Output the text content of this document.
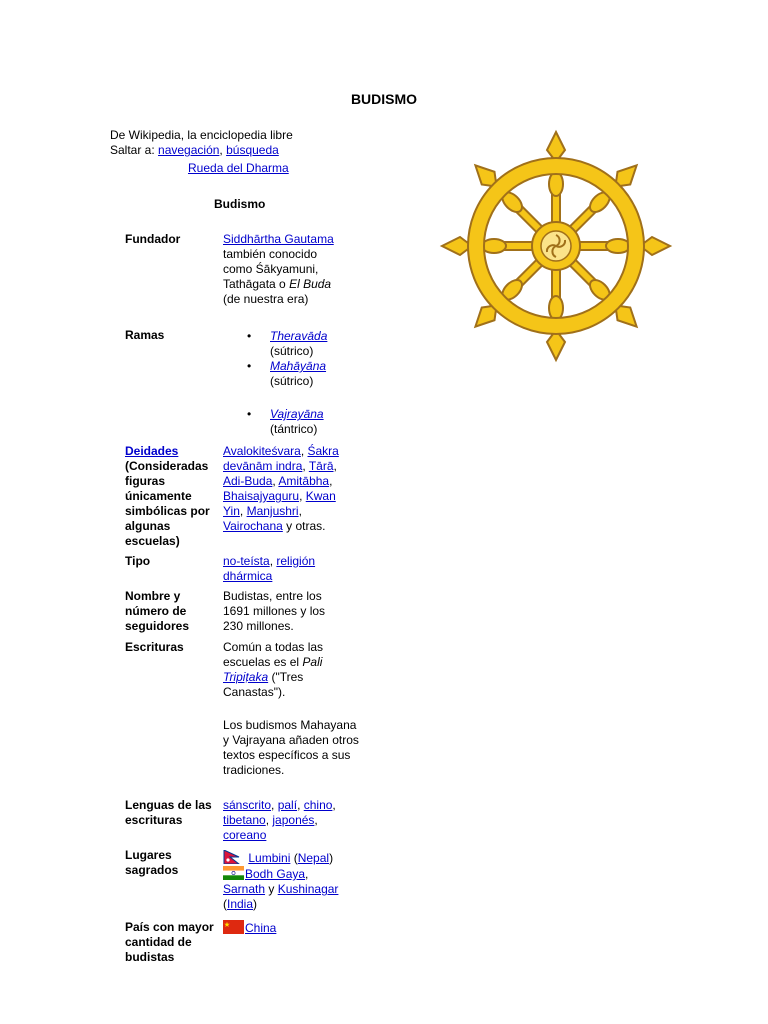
BUDISMO
De Wikipedia, la enciclopedia libre
Saltar a: navegación, búsqueda
Rueda del Dharma
Budismo
Fundador	Siddhārtha Gautama
también conocido
como Śākyamuni,
Tathāgata o El Buda
(de nuestra era)
Ramas
•	Theravāda
(sútrico)
• Mahāyāna
(sútrico)
• Vajrayāna
(tántrico)
Deidades
(Consideradas figuras únicamente simbólicas por algunas escuelas)
Avalokiteśvara, Śakra devānām indra, Tārā, Adi-Buda, Amitābha, Bhaisajyaguru, Kwan Yin, Manjushri, Vairochana y otras.
Tipo	no-teísta, religión dhármica
Nombre y número de seguidores
Budistas, entre los 1691 millones y los 230 millones.
Escrituras	Común a todas las escuelas es el Pali Tripiṭaka ("Tres Canastas").
Los budismos Mahayana y Vajrayana añaden otros textos específicos a sus tradiciones.
Lenguas de las escrituras
sánscrito, palí, chino, tibetano, japonés, coreano
Lugares sagrados
Lumbini (Nepal)
Bodh Gaya,
Sarnath y Kushinagar
(India)
País con mayor cantidad de budistas
China
